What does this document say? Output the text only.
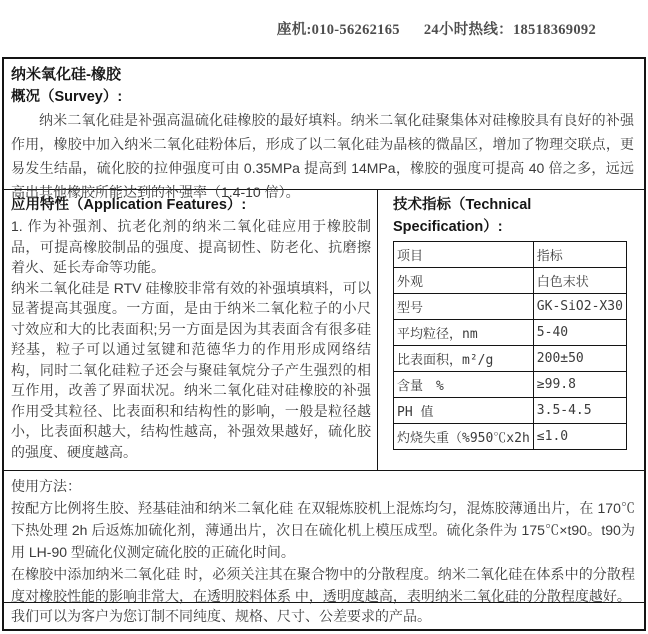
座机:010-56262165 24小时热线：18518369092
纳米氧化硅-橡胶
概况（Survey）:

纳米二氧化硅是补强高温硫化硅橡胶的最好填料。纳米二氧化硅聚集体对硅橡胶具有良好的补强作用，橡胶中加入纳米二氧化硅粉体后，形成了以二氧化硅为晶核的微晶区，增加了物理交联点，更易发生结晶，硫化胶的拉伸强度可由 0.35MPa 提高到 14MPa，橡胶的强度可提高 40 倍之多，远远高出其他橡胶所能达到的补强率（1.4-10 倍）。

应用特性（Application Features）:

1. 作为补强剂、抗老化剂的纳米二氧化硅应用于橡胶制品，可提高橡胶制品的强度、提高韧性、防老化、抗磨擦着火、延长寿命等功能。

纳米二氧化硅是 RTV 硅橡胶非常有效的补强填填料，可以显著提高其强度。一方面，是由于纳米二氧化粒子的小尺寸效应和大的比表面积;另一方面是因为其表面含有很多硅羟基，粒子可以通过氢键和范德华力的作用形成网络结构，同时二氧化硅粒子还会与聚硅氧烷分子产生强烈的相互作用，改善了界面状况。纳米二氧化硅对硅橡胶的补强作用受其粒径、比表面积和结构性的影响，一般是粒径越小，比表面积越大，结构性越高，补强效果越好，硫化胶的强度、硬度越高。

技术指标（Technical Specification）:
项目	指标
外观	白色末状
型号	GK-SiO2-X30
平均粒径，nm	5-40
比表面积，m²/g	200±50
含量　%	≥99.8
PH 值	3.5-4.5
灼烧失重（%950℃x2h	≤1.0
使用方法：

按配方比例将生胶、羟基硅油和纳米二氧化硅 在双辊炼胶机上混炼均匀，混炼胶薄通出片，在 170℃下热处理 2h 后返炼加硫化剂，薄通出片，次日在硫化机上模压成型。硫化条件为 175℃×t90。t90为用 LH-90 型硫化仪测定硫化胶的正硫化时间。

在橡胶中添加纳米二氧化硅 时，必须关注其在聚合物中的分散程度。纳米二氧化硅在体系中的分散程度对橡胶性能的影响非常大，在透明胶料体系 中，透明度越高，表明纳米二氧化硅的分散程度越好。

我们可以为客户为您订制不同纯度、规格、尺寸、公差要求的产品。
